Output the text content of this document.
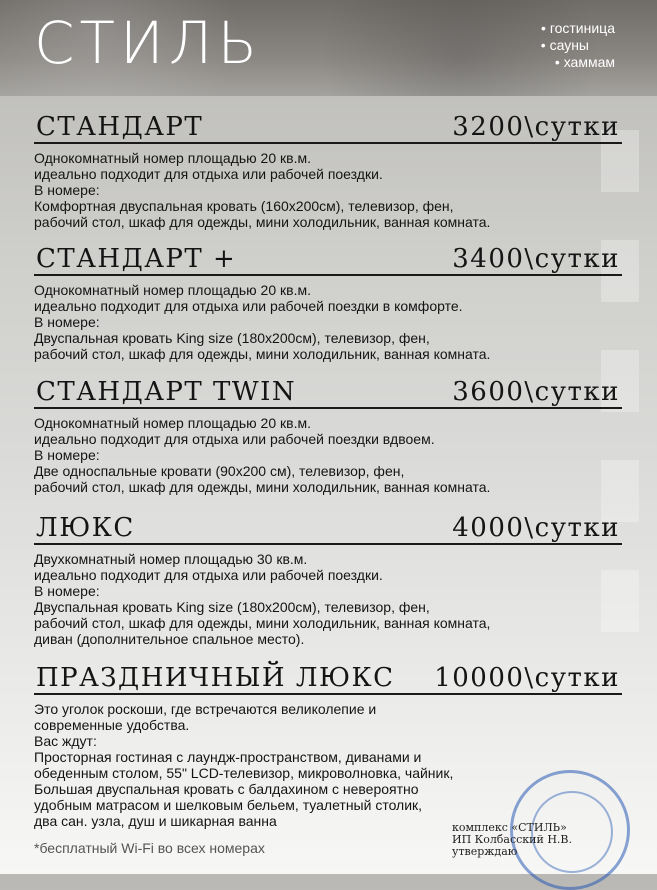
СТИЛЬ
•	гостиница
• сауны
• хаммам
СТАНДАРТ	3200\сутки
Однокомнатный номер площадью 20 кв.м.
идеально подходит для отдыха или рабочей поездки.
В номере:
Комфортная двуспальная кровать (160х200см), телевизор, фен,
рабочий стол, шкаф для одежды, мини холодильник, ванная комната.
СТАНДАРТ +	3400\сутки
Однокомнатный номер площадью 20 кв.м.
идеально подходит для отдыха или рабочей поездки в комфорте.
В номере:
Двуспальная кровать King size (180х200см), телевизор, фен,
рабочий стол, шкаф для одежды, мини холодильник, ванная комната.
СТАНДАРТ TWIN	3600\сутки
Однокомнатный номер площадью 20 кв.м.
идеально подходит для отдыха или рабочей поездки вдвоем.
В номере:
Две односпальные кровати (90х200 см), телевизор, фен,
рабочий стол, шкаф для одежды, мини холодильник, ванная комната.
ЛЮКС	4000\сутки
Двухкомнатный номер площадью 30 кв.м.
идеально подходит для отдыха или рабочей поездки.
В номере:
Двуспальная кровать King size (180х200см), телевизор, фен,
рабочий стол, шкаф для одежды, мини холодильник, ванная комната,
диван (дополнительное спальное место).
ПРАЗДНИЧНЫЙ ЛЮКС 10000\сутки
Это уголок роскоши, где встречаются великолепие и
современные удобства.
Вас ждут:
Просторная гостиная с лаундж-пространством, диванами и
обеденным столом, 55" LCD-телевизор, микроволновка, чайник,
Большая двуспальная кровать с балдахином с невероятно
удобным матрасом и шелковым бельем, туалетный столик,
два сан. узла, душ и шикарная ванна	комплекс «СТИЛЬ»
ИП Колбасский Н.В.
утверждаю
*бесплатный Wi-Fi во всех номерах
